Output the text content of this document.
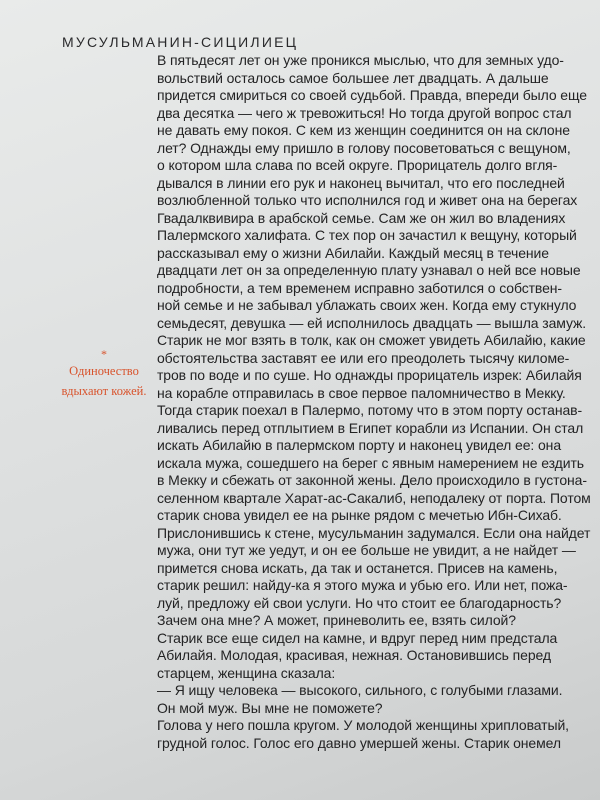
МУСУЛЬМАНИН-СИЦИЛИЕЦ
*
Одиночество
вдыхают кожей.
В пятьдесят лет он уже проникся мыслью, что для земных удо-
вольствий осталось самое большее лет двадцать. А дальше
придется смириться со своей судьбой. Правда, впереди было еще
два десятка — чего ж тревожиться! Но тогда другой вопрос стал
не давать ему покоя. С кем из женщин соединится он на склоне
лет? Однажды ему пришло в голову посоветоваться с вещуном,
о котором шла слава по всей округе. Прорицатель долго вгля-
дывался в линии его рук и наконец вычитал, что его последней
возлюбленной только что исполнился год и живет она на берегах
Гвадалквивира в арабской семье. Сам же он жил во владениях
Палермского халифата. С тех пор он зачастил к вещуну, который
рассказывал ему о жизни Абилайи. Каждый месяц в течение
двадцати лет он за определенную плату узнавал о ней все новые
подробности, а тем временем исправно заботился о собствен-
ной семье и не забывал ублажать своих жен. Когда ему стукнуло
семьдесят, девушка — ей исполнилось двадцать — вышла замуж.
Старик не мог взять в толк, как он сможет увидеть Абилайю, какие
обстоятельства заставят ее или его преодолеть тысячу киломе-
тров по воде и по суше. Но однажды прорицатель изрек: Абилайя
на корабле отправилась в свое первое паломничество в Мекку.
Тогда старик поехал в Палермо, потому что в этом порту останав-
ливались перед отплытием в Египет корабли из Испании. Он стал
искать Абилайю в палермском порту и наконец увидел ее: она
искала мужа, сошедшего на берег с явным намерением не ездить
в Мекку и сбежать от законной жены. Дело происходило в густона-
селенном квартале Харат-ас-Сакалиб, неподалеку от порта. Потом
старик снова увидел ее на рынке рядом с мечетью Ибн-Сихаб.
Прислонившись к стене, мусульманин задумался. Если она найдет
мужа, они тут же уедут, и он ее больше не увидит, а не найдет —
примется снова искать, да так и останется. Присев на камень,
старик решил: найду-ка я этого мужа и убью его. Или нет, пожа-
луй, предложу ей свои услуги. Но что стоит ее благодарность?
Зачем она мне? А может, приневолить ее, взять силой?
Старик все еще сидел на камне, и вдруг перед ним предстала
Абилайя. Молодая, красивая, нежная. Остановившись перед
старцем, женщина сказала:
— Я ищу человека — высокого, сильного, с голубыми глазами.
Он мой муж. Вы мне не поможете?
Голова у него пошла кругом. У молодой женщины хрипловатый,
грудной голос. Голос его давно умершей жены. Старик онемел
